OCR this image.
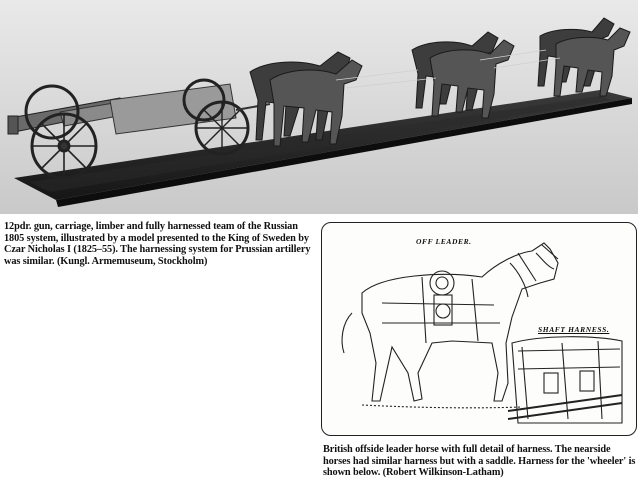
12pdr. gun, carriage, limber and fully harnessed team of the Russian 1805 system, illustrated by a model presented to the King of Sweden by Czar Nicholas I (1825–55). The harnessing system for Prussian artillery was similar. (Kungl. Armemuseum, Stockholm)
OFF LEADER.
SHAFT HARNESS.
British offside leader horse with full detail of harness. The nearside horses had similar harness but with a saddle. Harness for the 'wheeler' is shown below. (Robert Wilkinson-Latham)
